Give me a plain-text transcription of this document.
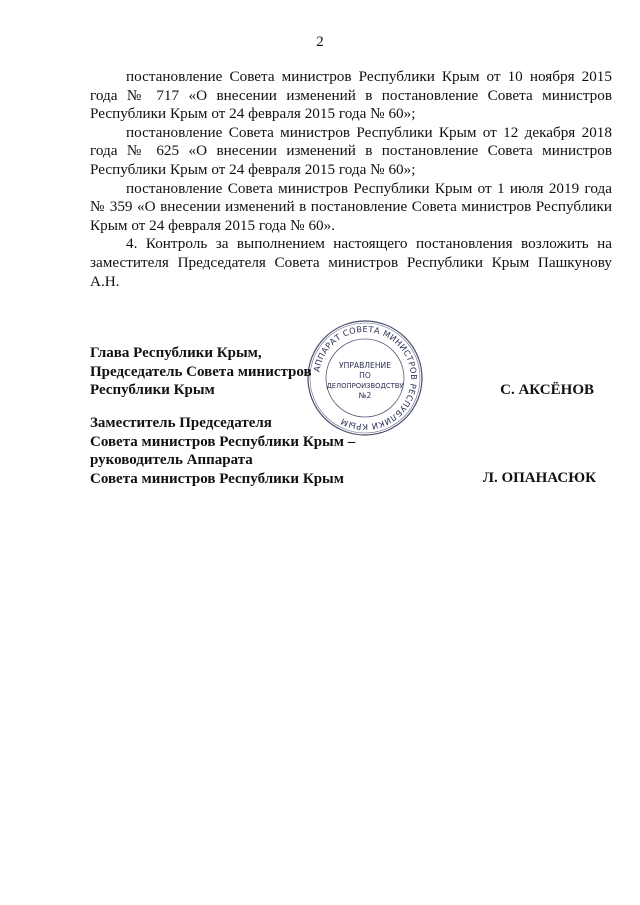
2

постановление Совета министров Республики Крым от 10 ноября 2015 года № 717 «О внесении изменений в постановление Совета министров Республики Крым от 24 февраля 2015 года № 60»;

постановление Совета министров Республики Крым от 12 декабря 2018 года № 625 «О внесении изменений в постановление Совета министров Республики Крым от 24 февраля 2015 года № 60»;

постановление Совета министров Республики Крым от 1 июля 2019 года № 359 «О внесении изменений в постановление Совета министров Республики Крым от 24 февраля 2015 года № 60».

4. Контроль за выполнением настоящего постановления возложить на заместителя Председателя Совета министров Республики Крым Пашкунову А.Н.

АППАРАТ СОВЕТА МИНИСТРОВ РЕСПУБЛИКИ КРЫМ
УПРАВЛЕНИЕ
ПО
ДЕЛОПРОИЗВОДСТВУ
№2
Глава Республики Крым,
Председатель Совета министров
Республики Крым	С. АКСЁНОВ
Заместитель Председателя
Совета министров Республики Крым –
руководитель Аппарата
Совета министров Республики Крым	Л. ОПАНАСЮК
